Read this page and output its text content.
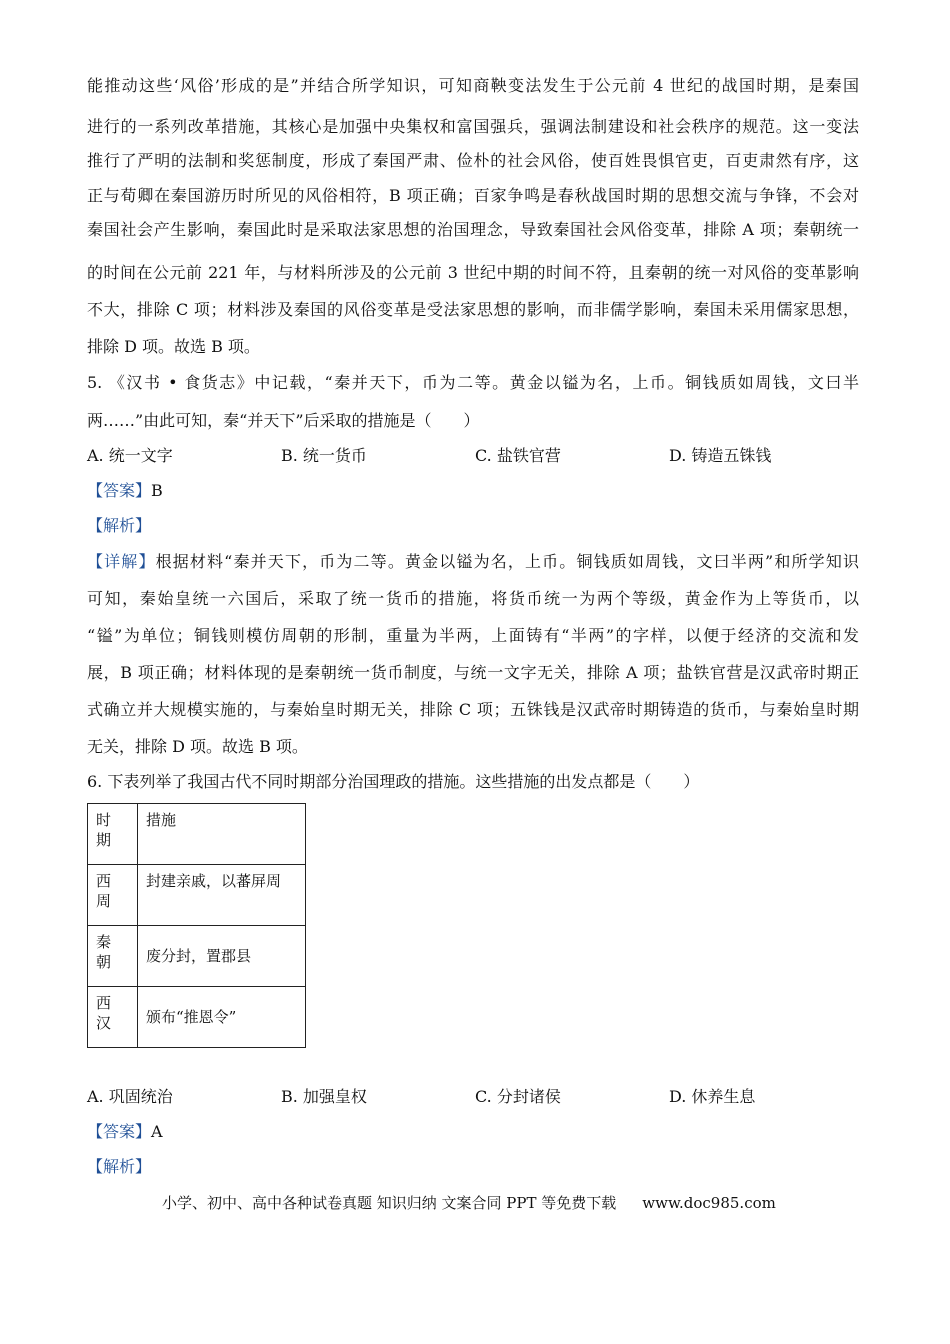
能推动这些‘风俗’形成的是”并结合所学知识，可知商鞅变法发生于公元前 4 世纪的战国时期，是秦国
进行的一系列改革措施，其核心是加强中央集权和富国强兵，强调法制建设和社会秩序的规范。这一变法
推行了严明的法制和奖惩制度，形成了秦国严肃、俭朴的社会风俗，使百姓畏惧官吏，百吏肃然有序，这
正与荀卿在秦国游历时所见的风俗相符，B 项正确；百家争鸣是春秋战国时期的思想交流与争锋，不会对
秦国社会产生影响，秦国此时是采取法家思想的治国理念，导致秦国社会风俗变革，排除 A 项；秦朝统一
的时间在公元前 221 年，与材料所涉及的公元前 3 世纪中期的时间不符，且秦朝的统一对风俗的变革影响
不大，排除 C 项；材料涉及秦国的风俗变革是受法家思想的影响，而非儒学影响，秦国未采用儒家思想，
排除 D 项。故选 B 项。
5. 《汉书 • 食货志》中记载，“秦并天下，币为二等。黄金以镒为名，上币。铜钱质如周钱，文曰半
两……”由此可知，秦“并天下”后采取的措施是（　　）
A. 统一文字	B. 统一货币	C. 盐铁官营	D. 铸造五铢钱
【答案】B
【解析】
【详解】根据材料“秦并天下，币为二等。黄金以镒为名，上币。铜钱质如周钱，文曰半两”和所学知识
可知，秦始皇统一六国后，采取了统一货币的措施，将货币统一为两个等级，黄金作为上等货币，以
“镒”为单位；铜钱则模仿周朝的形制，重量为半两，上面铸有“半两”的字样，以便于经济的交流和发
展，B 项正确；材料体现的是秦朝统一货币制度，与统一文字无关，排除 A 项；盐铁官营是汉武帝时期正
式确立并大规模实施的，与秦始皇时期无关，排除 C 项；五铢钱是汉武帝时期铸造的货币，与秦始皇时期
无关，排除 D 项。故选 B 项。
6. 下表列举了我国古代不同时期部分治国理政的措施。这些措施的出发点都是（　　）
时期	措施

西周	封建亲戚，以蕃屏周

秦朝	废分封，置郡县

西汉	颁布“推恩令”
A. 巩固统治	B. 加强皇权	C. 分封诸侯	D. 休养生息
【答案】A
【解析】
小学、初中、高中各种试卷真题 知识归纳 文案合同 PPT 等免费下载 www.doc985.com
